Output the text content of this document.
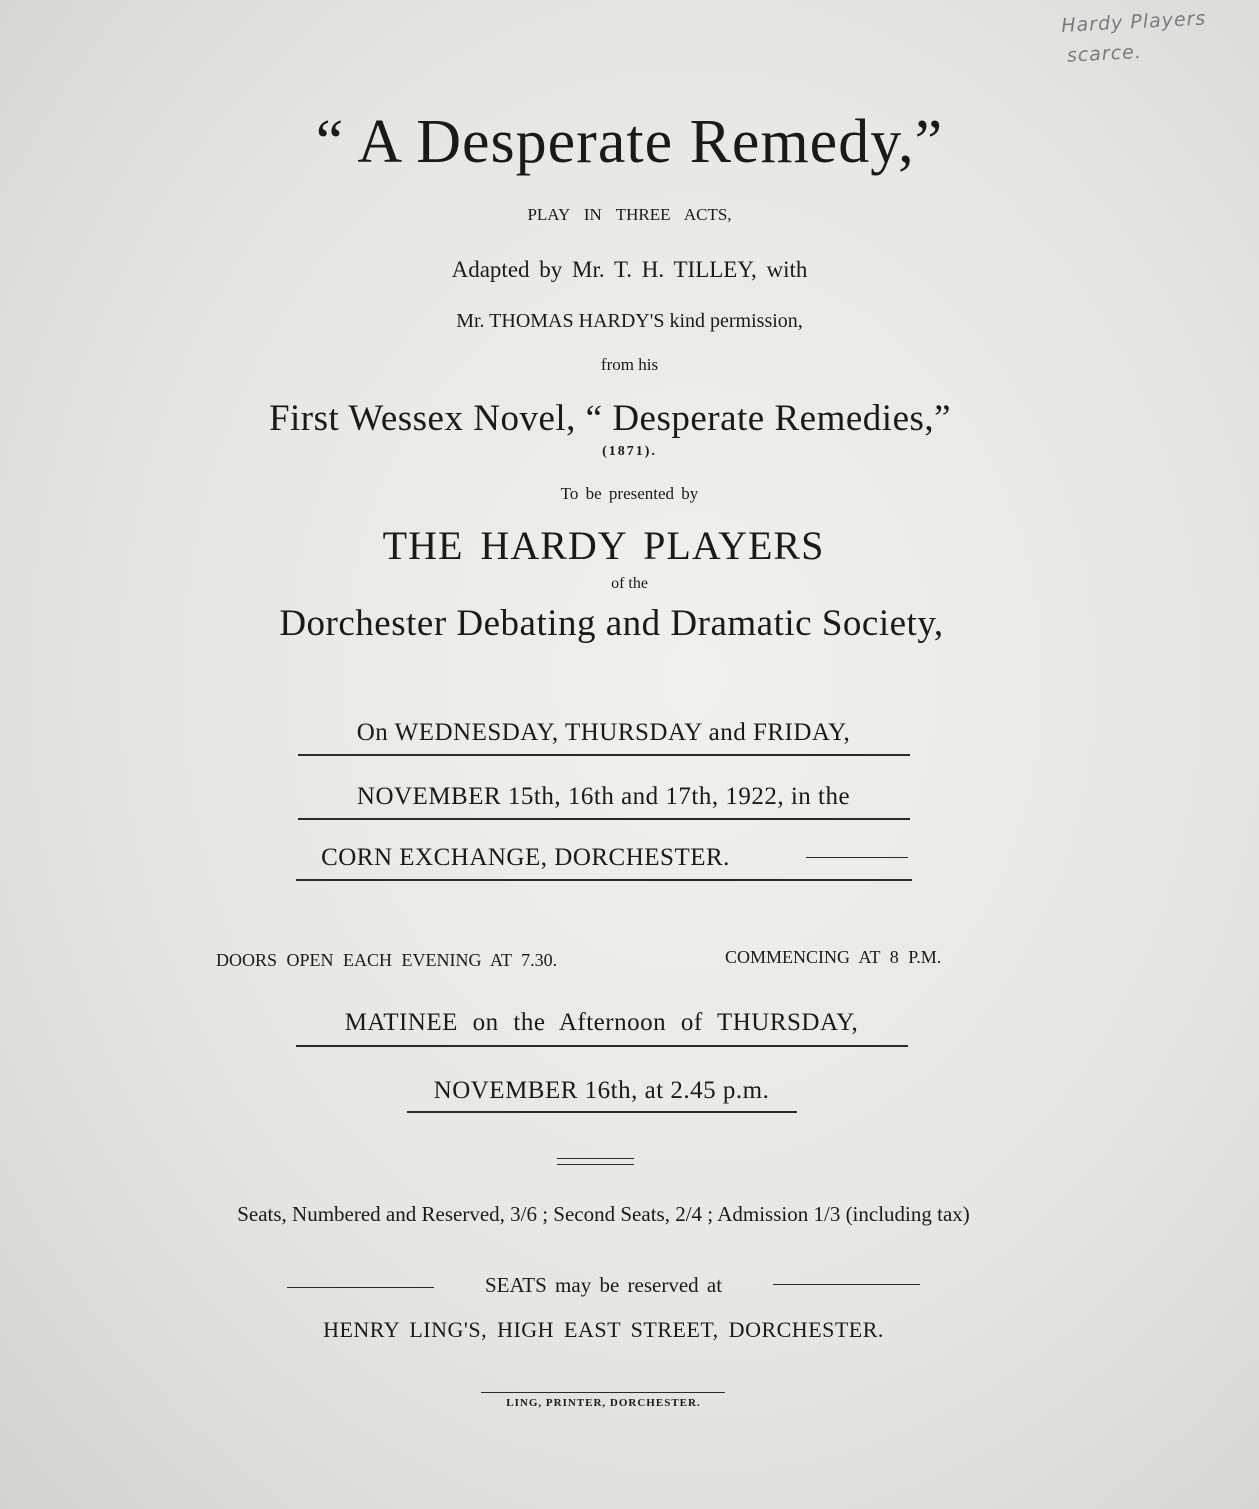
Hardy Players
scarce.
“ A Desperate Remedy,”
PLAY IN THREE ACTS,
Adapted by Mr. T. H. TILLEY, with
Mr. THOMAS HARDY'S kind permission,
from his
First Wessex Novel, “ Desperate Remedies,”
(1871).
To be presented by
THE HARDY PLAYERS
of the
Dorchester Debating and Dramatic Society,
On WEDNESDAY, THURSDAY and FRIDAY,
NOVEMBER 15th, 16th and 17th, 1922, in the
CORN EXCHANGE, DORCHESTER.
DOORS OPEN EACH EVENING AT 7.30.	COMMENCING AT 8 P.M.
MATINEE on the Afternoon of THURSDAY,
NOVEMBER 16th, at 2.45 p.m.
Seats, Numbered and Reserved, 3/6 ; Second Seats, 2/4 ; Admission 1/3 (including tax)
SEATS may be reserved at
HENRY LING'S, HIGH EAST STREET, DORCHESTER.
LING, PRINTER, DORCHESTER.
